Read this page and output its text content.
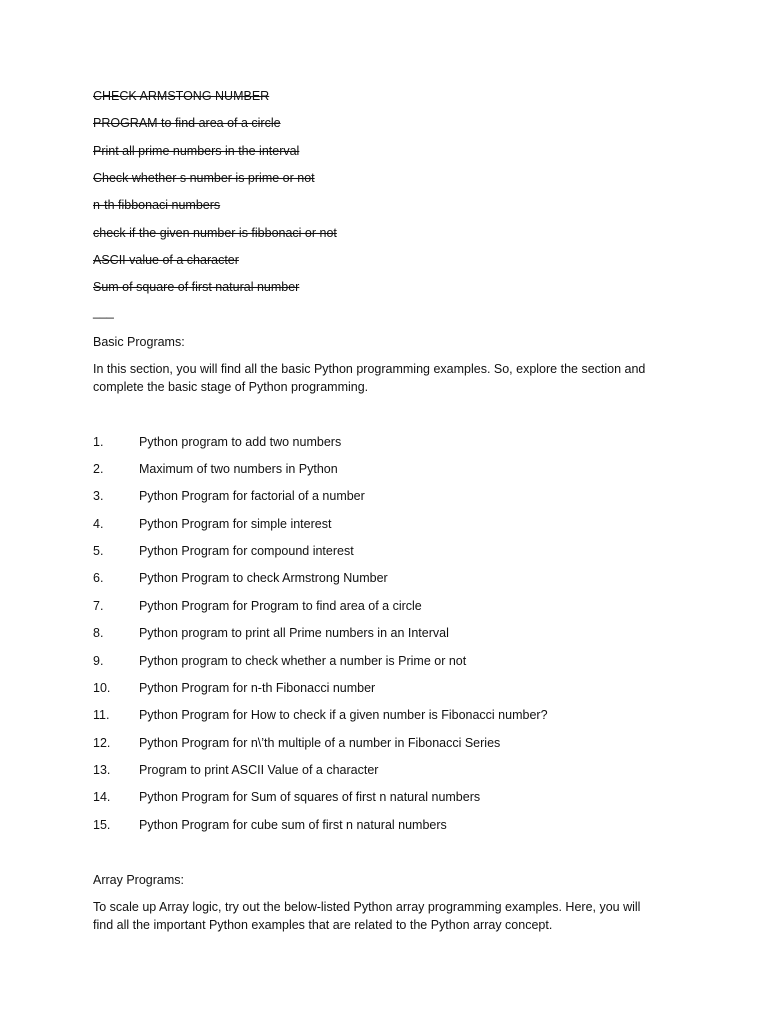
CHECK ARMSTONG NUMBER
PROGRAM to find area of a circle
Print all prime numbers in the interval
Check whether s number is prime or not
n-th fibbonaci numbers
check if the given number is fibbonaci or not
ASCII value of a character
Sum of square of first natural number
___
Basic Programs:
In this section, you will find all the basic Python programming examples. So, explore the section and
complete the basic stage of Python programming.
1.	Python program to add two numbers
2.	Maximum of two numbers in Python
3.	Python Program for factorial of a number
4.	Python Program for simple interest
5.	Python Program for compound interest
6.	Python Program to check Armstrong Number
7.	Python Program for Program to find area of a circle
8.	Python program to print all Prime numbers in an Interval
9.	Python program to check whether a number is Prime or not
10. Python Program for n-th Fibonacci number
11. Python Program for How to check if a given number is Fibonacci number?
12. Python Program for n\’th multiple of a number in Fibonacci Series
13. Program to print ASCII Value of a character
14. Python Program for Sum of squares of first n natural numbers
15. Python Program for cube sum of first n natural numbers
Array Programs:
To scale up Array logic, try out the below-listed Python array programming examples. Here, you will
find all the important Python examples that are related to the Python array concept.
